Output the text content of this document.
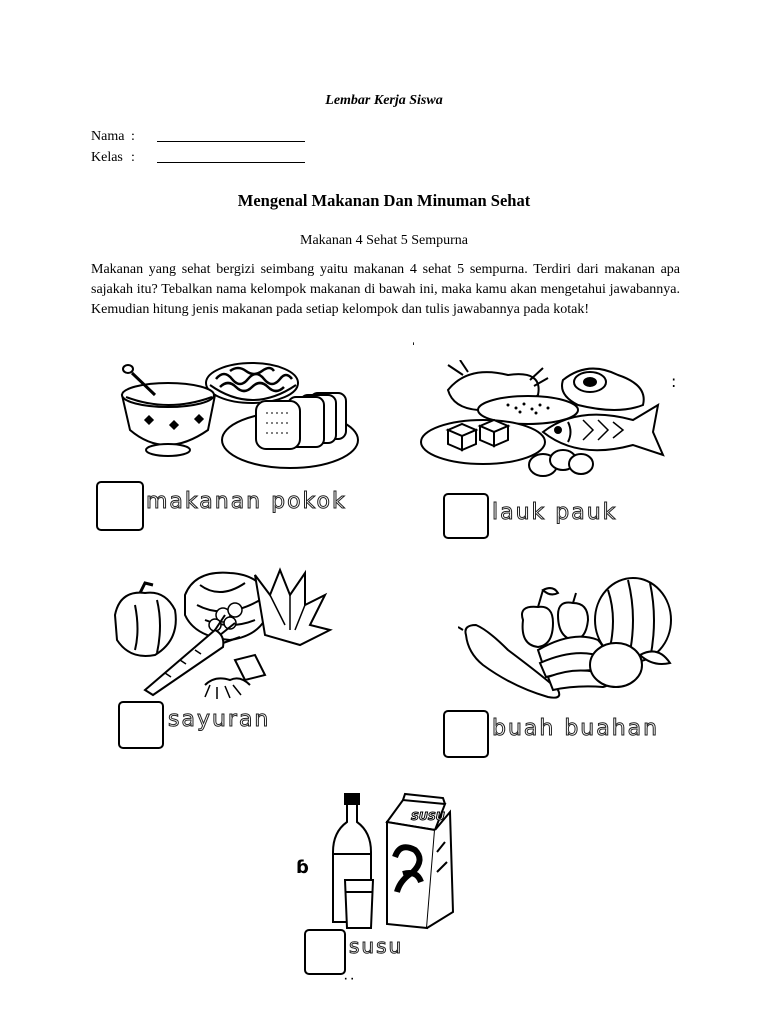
Lembar Kerja Siswa
Nama :
Kelas :
Mengenal Makanan Dan Minuman Sehat
Makanan 4 Sehat 5 Sempurna
Makanan yang sehat bergizi seimbang yaitu makanan 4 sehat 5 sempurna. Terdiri dari makanan apa sajakah itu? Tebalkan nama kelompok makanan di bawah ini, maka kamu akan mengetahui jawabannya. Kemudian hitung jenis makanan pada setiap kelompok dan tulis jawabannya pada kotak!
ˈ
:
makanan pokok	lauk pauk
sayuran	buah buahan
SUSU
ɓ
susu
· ·
